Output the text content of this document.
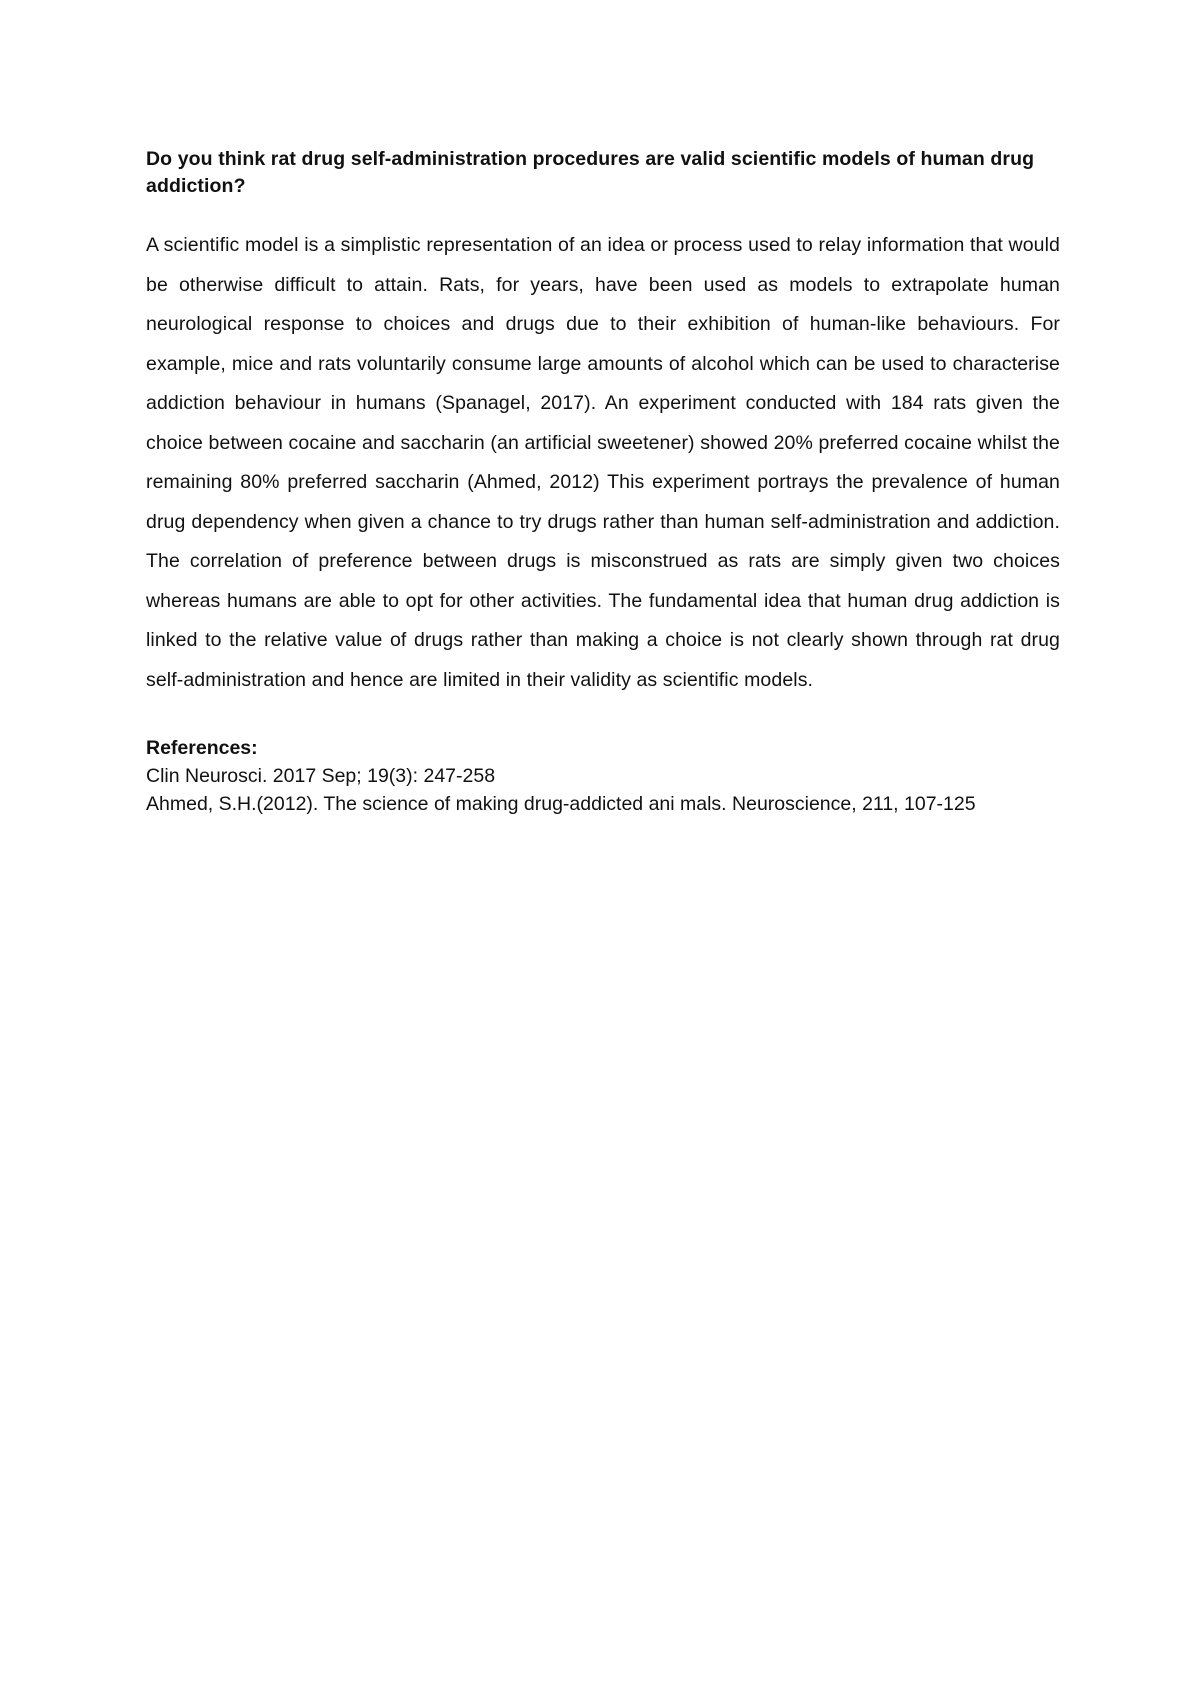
Do you think rat drug self-administration procedures are valid scientific models of human drug addiction?

A scientific model is a simplistic representation of an idea or process used to relay information that would be otherwise difficult to attain. Rats, for years, have been used as models to extrapolate human neurological response to choices and drugs due to their exhibition of human-like behaviours. For example, mice and rats voluntarily consume large amounts of alcohol which can be used to characterise addiction behaviour in humans (Spanagel, 2017). An experiment conducted with 184 rats given the choice between cocaine and saccharin (an artificial sweetener) showed 20% preferred cocaine whilst the remaining 80% preferred saccharin (Ahmed, 2012) This experiment portrays the prevalence of human drug dependency when given a chance to try drugs rather than human self-administration and addiction. The correlation of preference between drugs is misconstrued as rats are simply given two choices whereas humans are able to opt for other activities. The fundamental idea that human drug addiction is linked to the relative value of drugs rather than making a choice is not clearly shown through rat drug self-administration and hence are limited in their validity as scientific models.

References:

Clin Neurosci. 2017 Sep; 19(3): 247-258

Ahmed, S.H.(2012). The science of making drug-addicted ani mals. Neuroscience, 211, 107-125
